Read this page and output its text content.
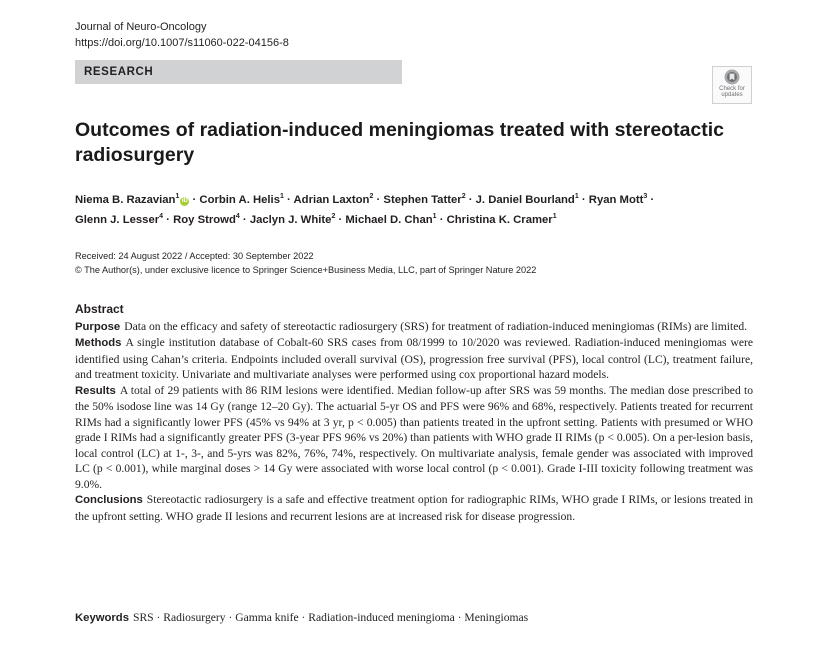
Journal of Neuro-Oncology
https://doi.org/10.1007/s11060-022-04156-8
RESEARCH
Check for updates
Outcomes of radiation-induced meningiomas treated with stereotactic radiosurgery
Niema B. Razavian$^1$iD · Corbin A. Helis$^1$ · Adrian Laxton$^2$ · Stephen Tatter$^2$ · J. Daniel Bourland$^1$ · Ryan Mott$^3$ ·
Glenn J. Lesser$^4$ · Roy Strowd$^4$ · Jaclyn J. White$^2$ · Michael D. Chan$^1$ · Christina K. Cramer$^1$
Received: 24 August 2022 / Accepted: 30 September 2022
© The Author(s), under exclusive licence to Springer Science+Business Media, LLC, part of Springer Nature 2022
Abstract

Purpose Data on the efficacy and safety of stereotactic radiosurgery (SRS) for treatment of radiation-induced meningiomas (RIMs) are limited.

Methods A single institution database of Cobalt-60 SRS cases from 08/1999 to 10/2020 was reviewed. Radiation-induced meningiomas were identified using Cahan’s criteria. Endpoints included overall survival (OS), progression free survival (PFS), local control (LC), treatment failure, and treatment toxicity. Univariate and multivariate analyses were performed using cox proportional hazard models.

Results A total of 29 patients with 86 RIM lesions were identified. Median follow-up after SRS was 59 months. The median dose prescribed to the 50% isodose line was 14 Gy (range 12–20 Gy). The actuarial 5-yr OS and PFS were 96% and 68%, respectively. Patients treated for recurrent RIMs had a significantly lower PFS (45% vs 94% at 3 yr, p < 0.005) than patients treated in the upfront setting. Patients with presumed or WHO grade I RIMs had a significantly greater PFS (3-year PFS 96% vs 20%) than patients with WHO grade II RIMs (p < 0.005). On a per-lesion basis, local control (LC) at 1-, 3-, and 5-yrs was 82%, 76%, 74%, respectively. On multivariate analysis, female gender was associated with improved LC (p < 0.001), while marginal doses > 14 Gy were associated with worse local control (p < 0.001). Grade I-III toxicity following treatment was 9.0%.

Conclusions Stereotactic radiosurgery is a safe and effective treatment option for radiographic RIMs, WHO grade I RIMs, or lesions treated in the upfront setting. WHO grade II lesions and recurrent lesions are at increased risk for disease progression.

Keywords SRS · Radiosurgery · Gamma knife · Radiation-induced meningioma · Meningiomas
